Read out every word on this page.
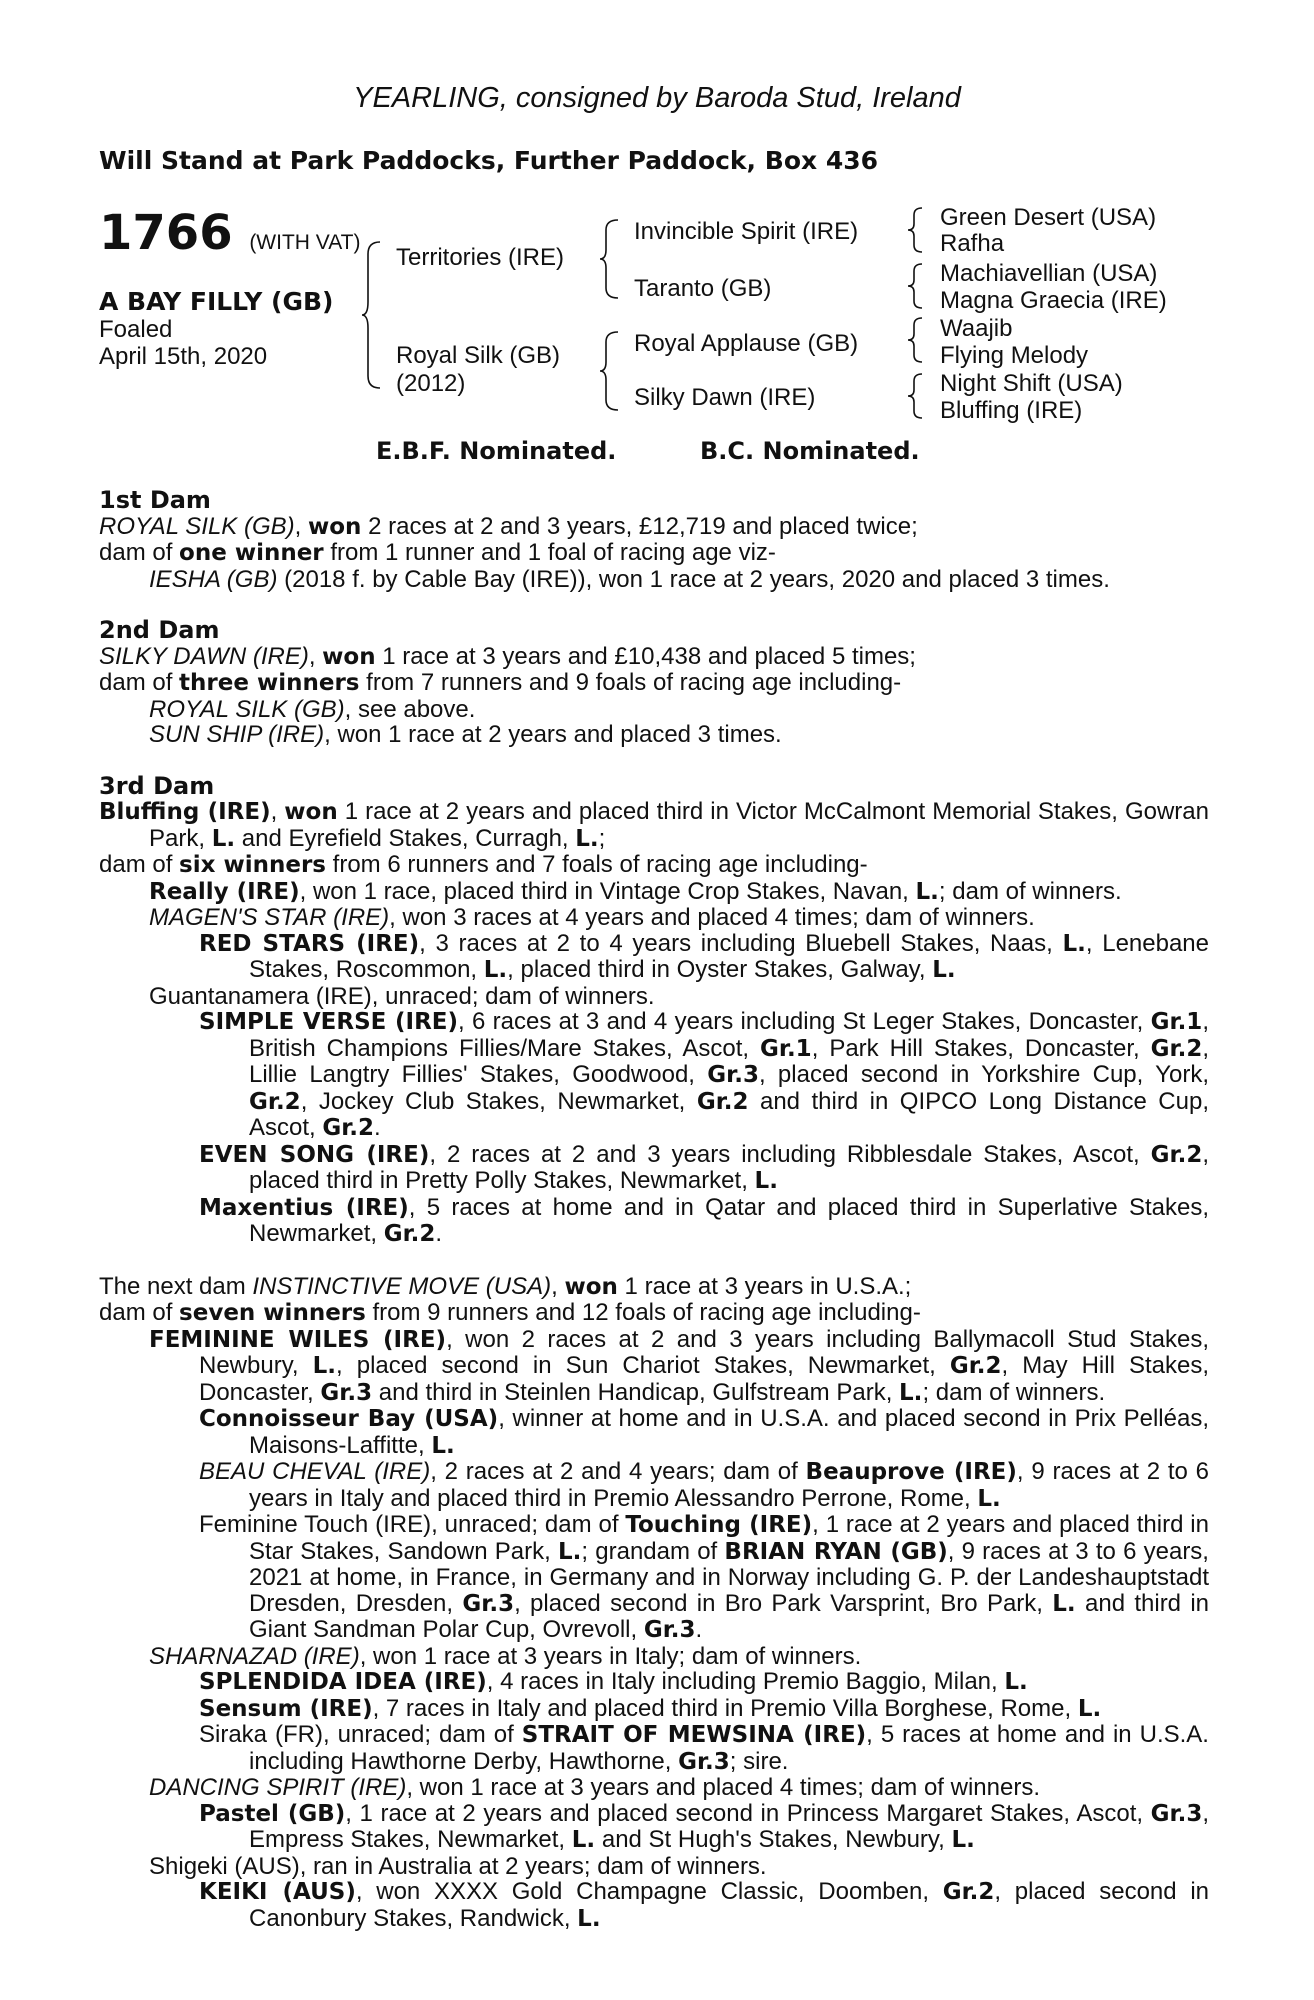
YEARLING, consigned by Baroda Stud, Ireland
Will Stand at Park Paddocks, Further Paddock, Box 436
1766 (WITH VAT)
A BAY FILLY (GB)
Foaled
April 15th, 2020
Territories (IRE)
Royal Silk (GB)
(2012)
Invincible Spirit (IRE)
Taranto (GB)
Royal Applause (GB)
Silky Dawn (IRE)
Green Desert (USA)
Rafha
Machiavellian (USA)
Magna Graecia (IRE)
Waajib
Flying Melody
Night Shift (USA)
Bluffing (IRE)
E.B.F. Nominated.	B.C. Nominated.
1st Dam
ROYAL SILK (GB), won 2 races at 2 and 3 years, £12,719 and placed twice;
dam of one winner from 1 runner and 1 foal of racing age viz-
IESHA (GB) (2018 f. by Cable Bay (IRE)), won 1 race at 2 years, 2020 and placed 3 times.
2nd Dam
SILKY DAWN (IRE), won 1 race at 3 years and £10,438 and placed 5 times;
dam of three winners from 7 runners and 9 foals of racing age including-
ROYAL SILK (GB), see above.
SUN SHIP (IRE), won 1 race at 2 years and placed 3 times.
3rd Dam
Bluffing (IRE), won 1 race at 2 years and placed third in Victor McCalmont Memorial Stakes, Gowran Park, L. and Eyrefield Stakes, Curragh, L.;
dam of six winners from 6 runners and 7 foals of racing age including-
Really (IRE), won 1 race, placed third in Vintage Crop Stakes, Navan, L.; dam of winners.
MAGEN'S STAR (IRE), won 3 races at 4 years and placed 4 times; dam of winners.
RED STARS (IRE), 3 races at 2 to 4 years including Bluebell Stakes, Naas, L., Lenebane Stakes, Roscommon, L., placed third in Oyster Stakes, Galway, L.
Guantanamera (IRE), unraced; dam of winners.
SIMPLE VERSE (IRE), 6 races at 3 and 4 years including St Leger Stakes, Doncaster, Gr.1, British Champions Fillies/Mare Stakes, Ascot, Gr.1, Park Hill Stakes, Doncaster, Gr.2, Lillie Langtry Fillies' Stakes, Goodwood, Gr.3, placed second in Yorkshire Cup, York, Gr.2, Jockey Club Stakes, Newmarket, Gr.2 and third in QIPCO Long Distance Cup, Ascot, Gr.2.
EVEN SONG (IRE), 2 races at 2 and 3 years including Ribblesdale Stakes, Ascot, Gr.2, placed third in Pretty Polly Stakes, Newmarket, L.
Maxentius (IRE), 5 races at home and in Qatar and placed third in Superlative Stakes, Newmarket, Gr.2.
The next dam INSTINCTIVE MOVE (USA), won 1 race at 3 years in U.S.A.;
dam of seven winners from 9 runners and 12 foals of racing age including-
FEMININE WILES (IRE), won 2 races at 2 and 3 years including Ballymacoll Stud Stakes, Newbury, L., placed second in Sun Chariot Stakes, Newmarket, Gr.2, May Hill Stakes, Doncaster, Gr.3 and third in Steinlen Handicap, Gulfstream Park, L.; dam of winners.
Connoisseur Bay (USA), winner at home and in U.S.A. and placed second in Prix Pelléas, Maisons-Laffitte, L.
BEAU CHEVAL (IRE), 2 races at 2 and 4 years; dam of Beauprove (IRE), 9 races at 2 to 6 years in Italy and placed third in Premio Alessandro Perrone, Rome, L.
Feminine Touch (IRE), unraced; dam of Touching (IRE), 1 race at 2 years and placed third in Star Stakes, Sandown Park, L.; grandam of BRIAN RYAN (GB), 9 races at 3 to 6 years, 2021 at home, in France, in Germany and in Norway including G. P. der Landeshauptstadt Dresden, Dresden, Gr.3, placed second in Bro Park Varsprint, Bro Park, L. and third in Giant Sandman Polar Cup, Ovrevoll, Gr.3.
SHARNAZAD (IRE), won 1 race at 3 years in Italy; dam of winners.
SPLENDIDA IDEA (IRE), 4 races in Italy including Premio Baggio, Milan, L.
Sensum (IRE), 7 races in Italy and placed third in Premio Villa Borghese, Rome, L.
Siraka (FR), unraced; dam of STRAIT OF MEWSINA (IRE), 5 races at home and in U.S.A. including Hawthorne Derby, Hawthorne, Gr.3; sire.
DANCING SPIRIT (IRE), won 1 race at 3 years and placed 4 times; dam of winners.
Pastel (GB), 1 race at 2 years and placed second in Princess Margaret Stakes, Ascot, Gr.3, Empress Stakes, Newmarket, L. and St Hugh's Stakes, Newbury, L.
Shigeki (AUS), ran in Australia at 2 years; dam of winners.
KEIKI (AUS), won XXXX Gold Champagne Classic, Doomben, Gr.2, placed second in Canonbury Stakes, Randwick, L.
